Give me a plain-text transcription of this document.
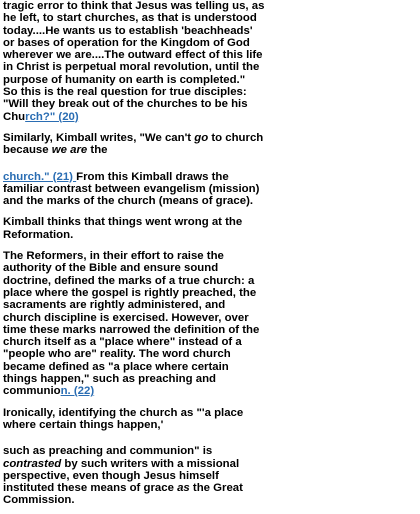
tragic error to think that Jesus was telling us, as
he left, to start churches, as that is understood
today....He wants us to establish 'beachheads'
or bases of operation for the Kingdom of God
wherever we are....The outward effect of this life
in Christ is perpetual moral revolution, until the
purpose of humanity on earth is completed."
So this is the real question for true disciples:
"Will they break out of the churches to be his
Church?" (20)
Similarly, Kimball writes, "We can't go to church
because we are the
church." (21) From this Kimball draws the
familiar contrast between evangelism (mission)
and the marks of the church (means of grace).
Kimball thinks that things went wrong at the
Reformation.
The Reformers, in their effort to raise the
authority of the Bible and ensure sound
doctrine, defined the marks of a true church: a
place where the gospel is rightly preached, the
sacraments are rightly administered, and
church discipline is exercised. However, over
time these marks narrowed the definition of the
church itself as a "place where" instead of a
"people who are" reality. The word church
became defined as "a place where certain
things happen," such as preaching and
communion. (22)
Ironically, identifying the church as "'a place
where certain things happen,'
such as preaching and communion" is
contrasted by such writers with a missional
perspective, even though Jesus himself
instituted these means of grace as the Great
Commission.
